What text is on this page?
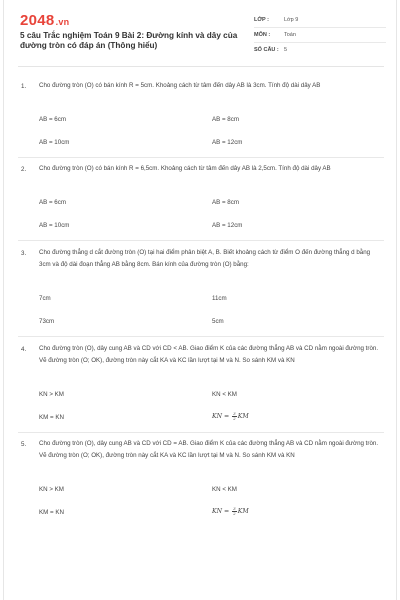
2048.vn
5 câu Trắc nghiệm Toán 9 Bài 2: Đường kính và dây của đường tròn có đáp án (Thông hiểu)
LỚP :	Lớp 9
MÔN :	Toán
SỐ CÂU : 5
1. Cho đường tròn (O) có bán kính R = 5cm. Khoảng cách từ tâm đến dây AB là 3cm. Tính độ dài dây AB
AB = 6cm	AB = 8cm
AB = 10cm	AB = 12cm
2. Cho đường tròn (O) có bán kính R = 6,5cm. Khoảng cách từ tâm đến dây AB là 2,5cm. Tính độ dài dây AB
AB = 6cm	AB = 8cm
AB = 10cm	AB = 12cm
3. Cho đường thẳng d cắt đường tròn (O) tại hai điểm phân biệt A, B. Biết khoảng cách từ điểm O đến đường thẳng d bằng 3cm và độ dài đoạn thẳng AB bằng 8cm. Bán kính của đường tròn (O) bằng:
7cm	11cm
73cm	5cm
4. Cho đường tròn (O), dây cung AB và CD với CD < AB. Giao điểm K của các đường thẳng AB và CD nằm ngoài đường tròn. Vẽ đường tròn (O; OK), đường tròn này cắt KA và KC lần lượt tại M và N. So sánh KM và KN
KN > KM	KN < KM
KM = KN	KN = $\frac{3}{2}$ KM
5. Cho đường tròn (O), dây cung AB và CD với CD = AB. Giao điểm K của các đường thẳng AB và CD nằm ngoài đường tròn. Vẽ đường tròn (O; OK), đường tròn này cắt KA và KC lần lượt tại M và N. So sánh KM và KN
KN > KM	KN < KM
KM = KN	KN = $\frac{3}{2}$ KM
